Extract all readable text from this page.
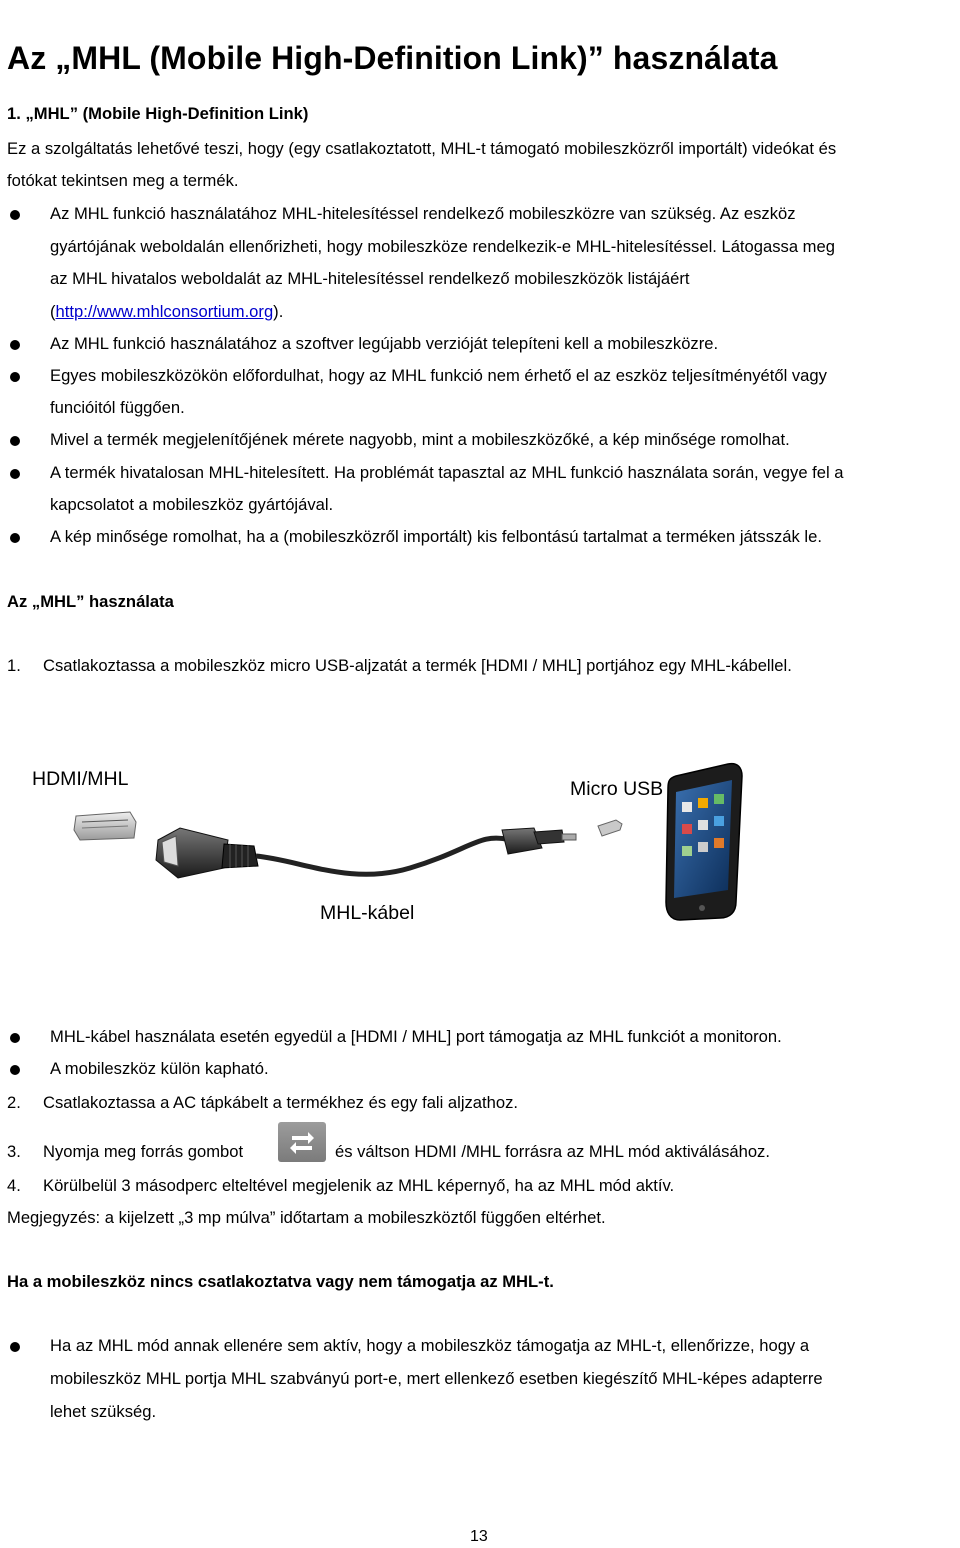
Az „MHL (Mobile High-Definition Link)” használata
1. „MHL” (Mobile High-Definition Link)
Ez a szolgáltatás lehetővé teszi, hogy (egy csatlakoztatott, MHL-t támogató mobileszközről importált) videókat és
fotókat tekintsen meg a termék.
Az MHL funkció használatához MHL-hitelesítéssel rendelkező mobileszközre van szükség. Az eszköz
gyártójának weboldalán ellenőrizheti, hogy mobileszköze rendelkezik-e MHL-hitelesítéssel. Látogassa meg
az MHL hivatalos weboldalát az MHL-hitelesítéssel rendelkező mobileszközök listájáért
(http://www.mhlconsortium.org).
Az MHL funkció használatához a szoftver legújabb verzióját telepíteni kell a mobileszközre.
Egyes mobileszközökön előfordulhat, hogy az MHL funkció nem érhető el az eszköz teljesítményétől vagy
funcióitól függően.
Mivel a termék megjelenítőjének mérete nagyobb, mint a mobileszközőké, a kép minősége romolhat.
A termék hivatalosan MHL-hitelesített. Ha problémát tapasztal az MHL funkció használata során, vegye fel a
kapcsolatot a mobileszköz gyártójával.
A kép minősége romolhat, ha a (mobileszközről importált) kis felbontású tartalmat a terméken játsszák le.
Az „MHL” használata
1. Csatlakoztassa a mobileszköz micro USB-aljzatát a termék [HDMI / MHL] portjához egy MHL-kábellel.
HDMI/MHL	Micro USB
MHL-kábel
MHL-kábel használata esetén egyedül a [HDMI / MHL] port támogatja az MHL funkciót a monitoron.
A mobileszköz külön kapható.
2. Csatlakoztassa a AC tápkábelt a termékhez és egy fali aljzathoz.
3. Nyomja meg forrás gombot	és váltson HDMI /MHL forrásra az MHL mód aktiválásához.
4. Körülbelül 3 másodperc elteltével megjelenik az MHL képernyő, ha az MHL mód aktív.
Megjegyzés: a kijelzett „3 mp múlva” időtartam a mobileszköztől függően eltérhet.
Ha a mobileszköz nincs csatlakoztatva vagy nem támogatja az MHL-t.
Ha az MHL mód annak ellenére sem aktív, hogy a mobileszköz támogatja az MHL-t, ellenőrizze, hogy a
mobileszköz MHL portja MHL szabványú port-e, mert ellenkező esetben kiegészítő MHL-képes adapterre
lehet szükség.
13
